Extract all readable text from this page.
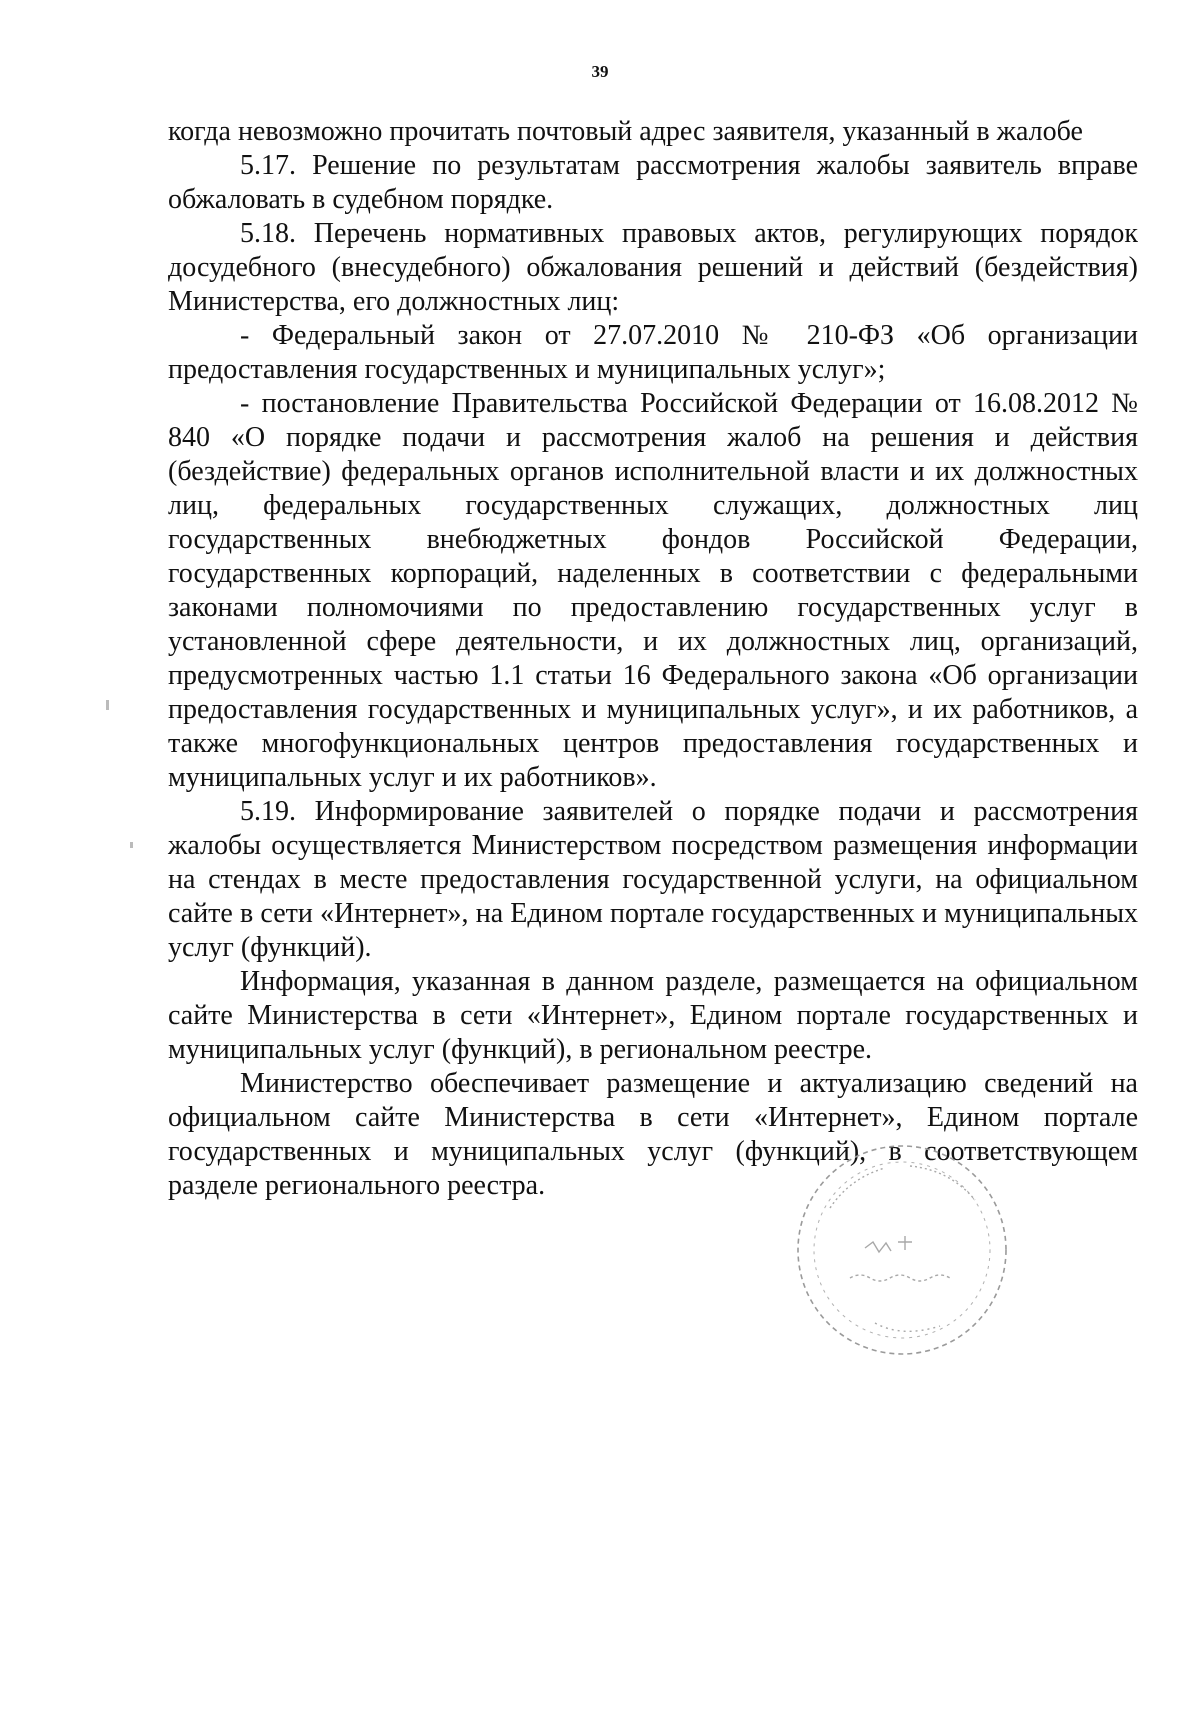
39

когда невозможно прочитать почтовый адрес заявителя, указанный в жалобе

5.17. Решение по результатам рассмотрения жалобы заявитель вправе обжаловать в судебном порядке.

5.18. Перечень нормативных правовых актов, регулирующих порядок досудебного (внесудебного) обжалования решений и действий (бездействия) Министерства, его должностных лиц:

- Федеральный закон от 27.07.2010 № 210-ФЗ «Об организации предоставления государственных и муниципальных услуг»;

- постановление Правительства Российской Федерации от 16.08.2012 № 840 «О порядке подачи и рассмотрения жалоб на решения и действия (бездействие) федеральных органов исполнительной власти и их должностных лиц, федеральных государственных служащих, должностных лиц государственных внебюджетных фондов Российской Федерации, государственных корпораций, наделенных в соответствии с федеральными законами полномочиями по предоставлению государственных услуг в установленной сфере деятельности, и их должностных лиц, организаций, предусмотренных частью 1.1 статьи 16 Федерального закона «Об организации предоставления государственных и муниципальных услуг», и их работников, а также многофункциональных центров предоставления государственных и муниципальных услуг и их работников».

5.19. Информирование заявителей о порядке подачи и рассмотрения жалобы осуществляется Министерством посредством размещения информации на стендах в месте предоставления государственной услуги, на официальном сайте в сети «Интернет», на Едином портале государственных и муниципальных услуг (функций).

Информация, указанная в данном разделе, размещается на официальном сайте Министерства в сети «Интернет», Едином портале государственных и муниципальных услуг (функций), в региональном реестре.

Министерство обеспечивает размещение и актуализацию сведений на официальном сайте Министерства в сети «Интернет», Едином портале государственных и муниципальных услуг (функций), в соответствующем разделе регионального реестра.
